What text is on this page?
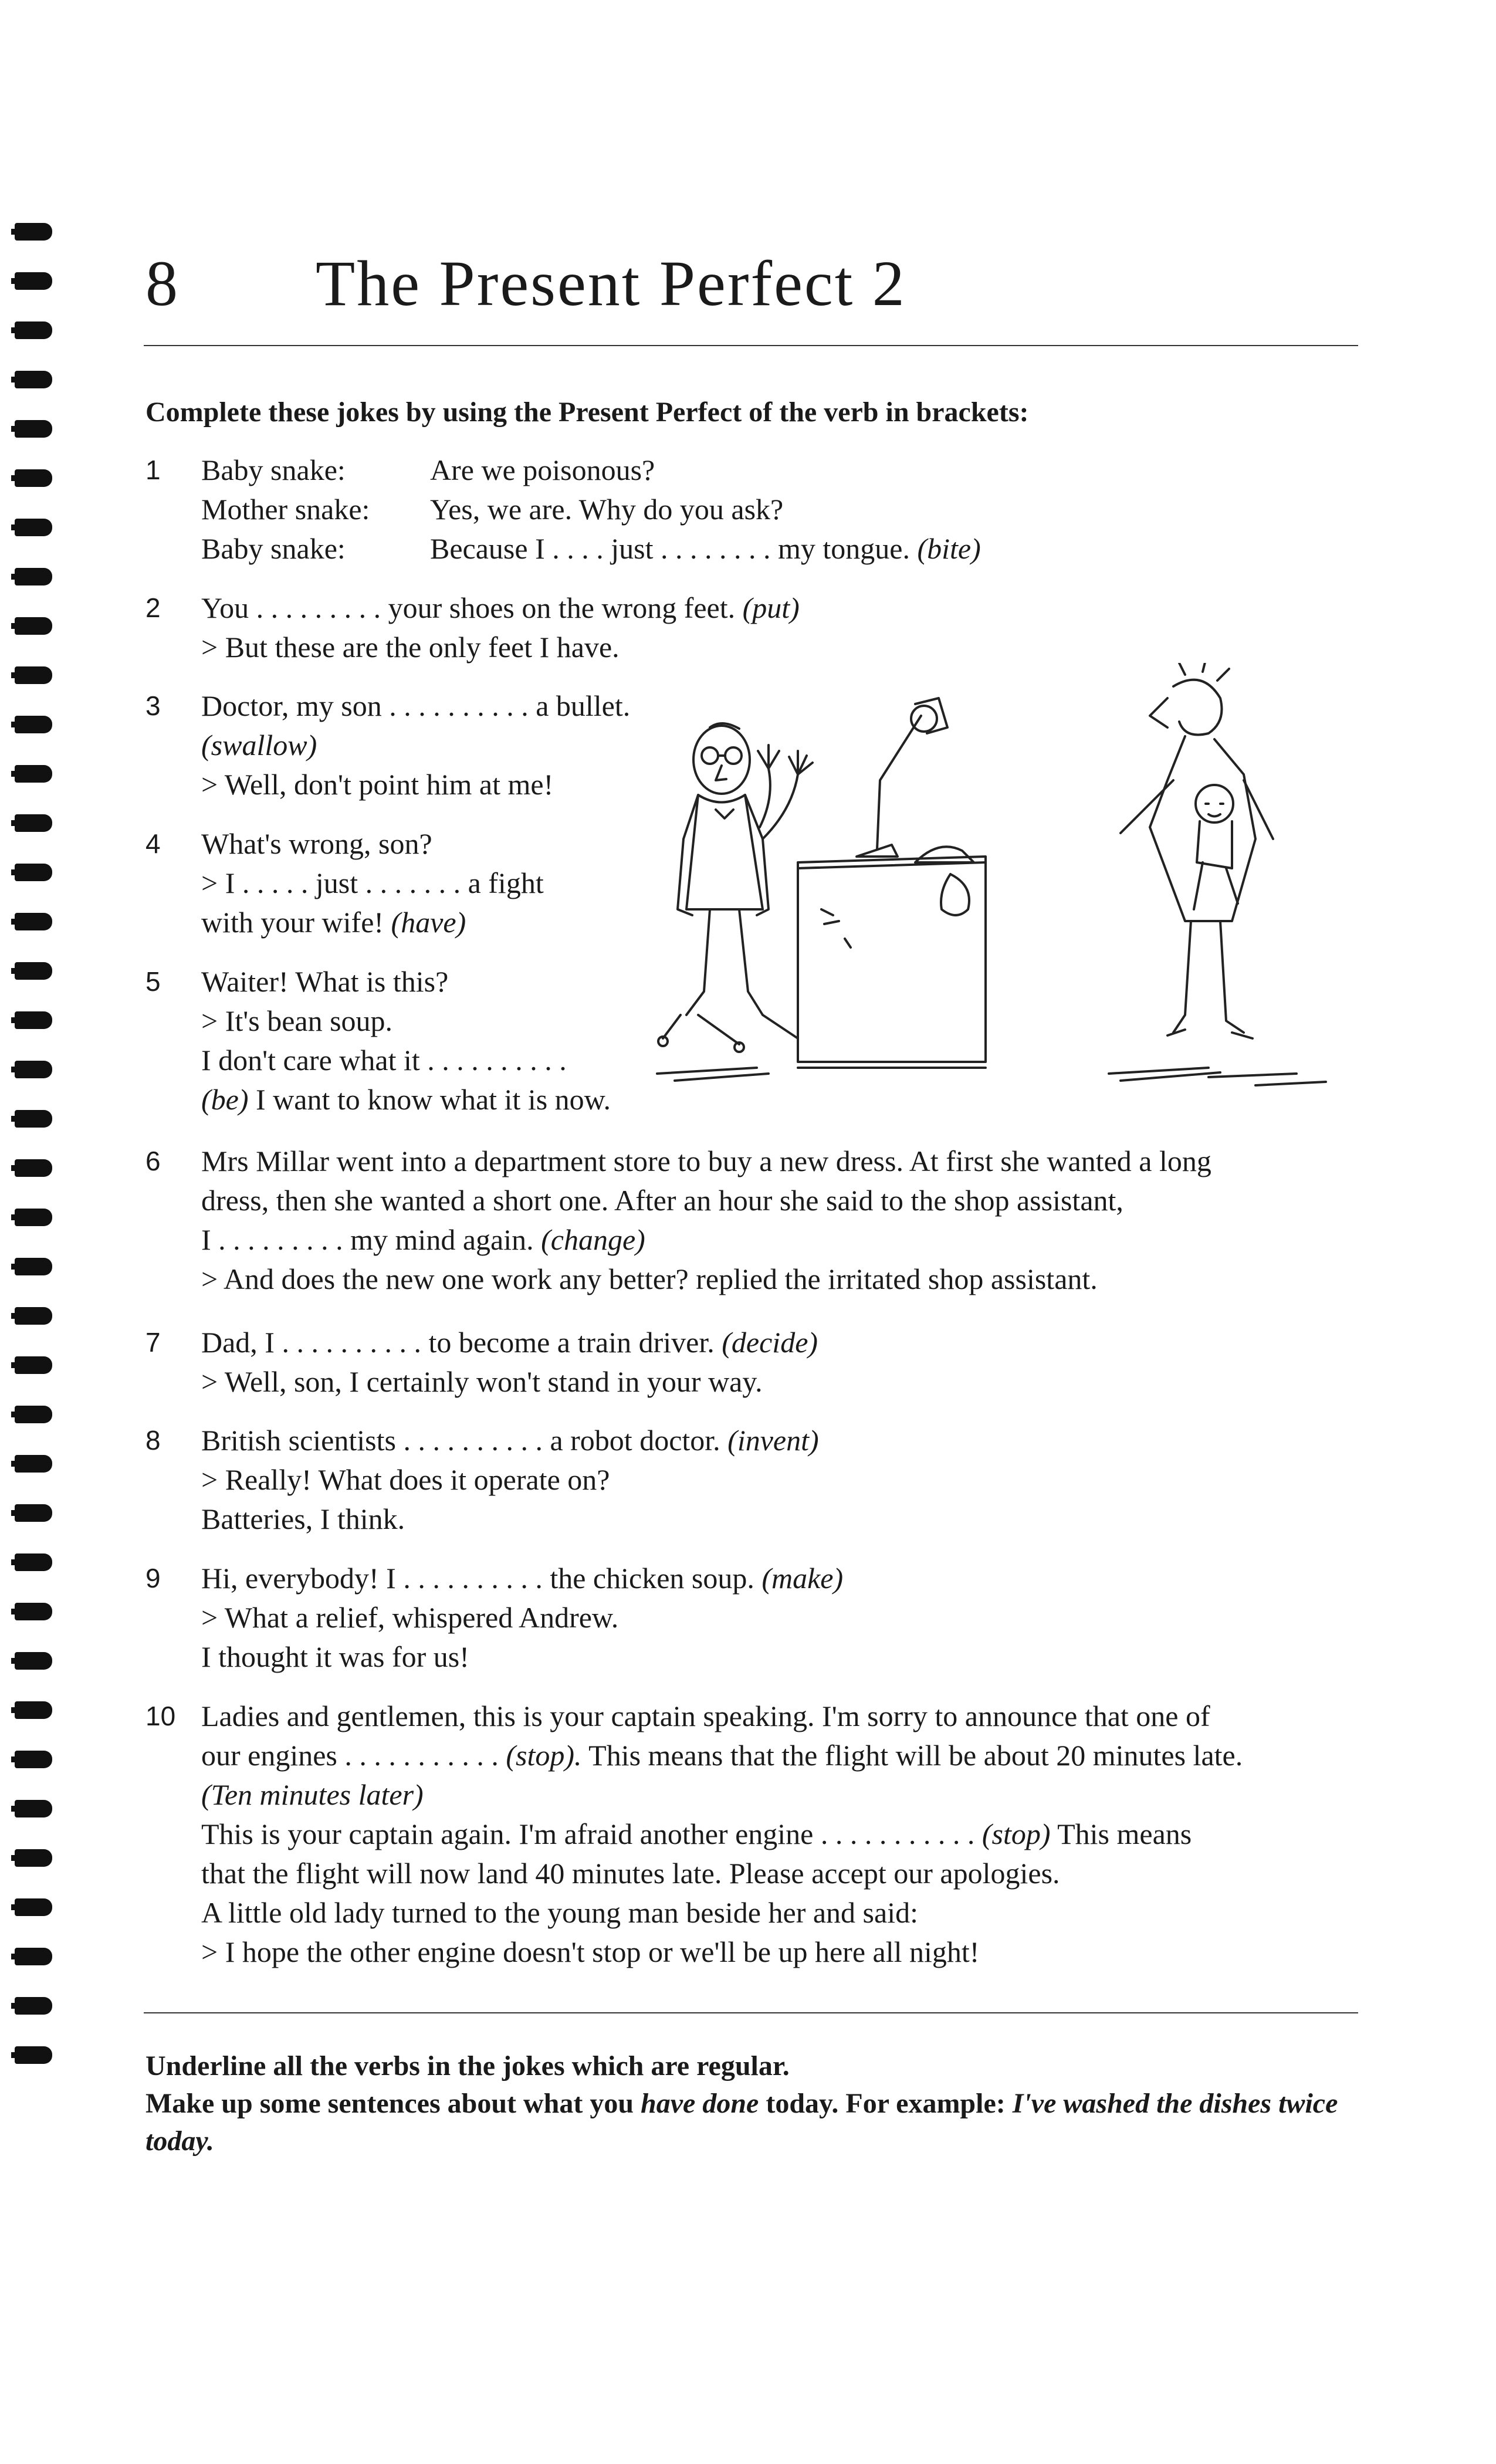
8 The Present Perfect 2
Complete these jokes by using the Present Perfect of the verb in brackets:
1	Baby snake:	Are we poisonous?
Mother snake:	Yes, we are. Why do you ask?
Baby snake:	Because I . . . . just . . . . . . . . my tongue. (bite)
2	You . . . . . . . . . your shoes on the wrong feet. (put)
> But these are the only feet I have.
3	Doctor, my son . . . . . . . . . . a bullet.
(swallow)
> Well, don't point him at me!
4	What's wrong, son?
> I . . . . . just . . . . . . . a fight
with your wife! (have)
5	Waiter! What is this?
> It's bean soup.
I don't care what it . . . . . . . . . .
(be) I want to know what it is now.
6	Mrs Millar went into a department store to buy a new dress. At first she wanted a long
dress, then she wanted a short one. After an hour she said to the shop assistant,
I . . . . . . . . . my mind again. (change)
> And does the new one work any better? replied the irritated shop assistant.
7	Dad, I . . . . . . . . . . to become a train driver. (decide)
> Well, son, I certainly won't stand in your way.
8	British scientists . . . . . . . . . . a robot doctor. (invent)
> Really! What does it operate on?
Batteries, I think.
9	Hi, everybody! I . . . . . . . . . . the chicken soup. (make)
> What a relief, whispered Andrew.
I thought it was for us!
10 Ladies and gentlemen, this is your captain speaking. I'm sorry to announce that one of
our engines . . . . . . . . . . . (stop). This means that the flight will be about 20 minutes late.
(Ten minutes later)
This is your captain again. I'm afraid another engine . . . . . . . . . . . (stop) This means
that the flight will now land 40 minutes late. Please accept our apologies.
A little old lady turned to the young man beside her and said:
> I hope the other engine doesn't stop or we'll be up here all night!
Underline all the verbs in the jokes which are regular.
Make up some sentences about what you have done today. For example: I've washed the dishes twice today.
